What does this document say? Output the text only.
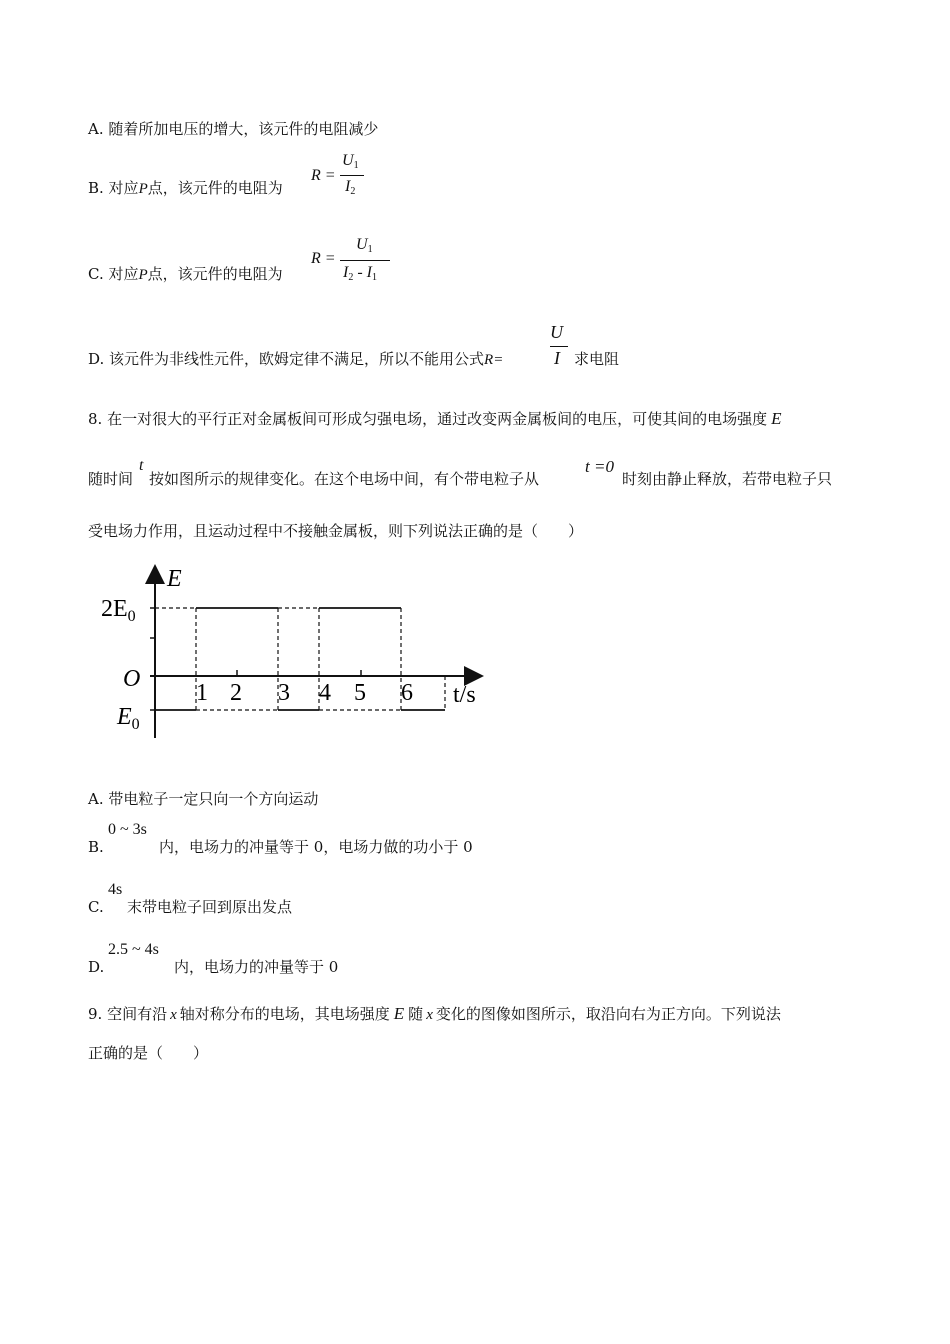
A. 随着所加电压的增大，该元件的电阻减少
B. 对应P点，该元件的电阻为
R =
$U_1$
$I_2$
C. 对应P点，该元件的电阻为
R =
$U_1$
$I_2 - I_1$
D. 该元件为非线性元件，欧姆定律不满足，所以不能用公式R=
U
I 求电阻
8. 在一对很大的平行正对金属板间可形成匀强电场，通过改变两金属板间的电压，可使其间的电场强度 E
随时间
t
按如图所示的规律变化。在这个电场中间，有个带电粒子从
t =0
时刻由静止释放，若带电粒子只
受电场力作用，且运动过程中不接触金属板，则下列说法正确的是（　　）
E
$2E_0$
O
$E_0$
1 2 3 4 5 6 t/s
A. 带电粒子一定只向一个方向运动
B.
0 ~ 3s
内，电场力的冲量等于 0，电场力做的功小于 0
C.
4s
末带电粒子回到原出发点
D.
2.5 ~ 4s
内，电场力的冲量等于 0
9. 空间有沿 x 轴对称分布的电场，其电场强度 E 随 x 变化的图像如图所示，取沿向右为正方向。下列说法
正确的是（　　）
